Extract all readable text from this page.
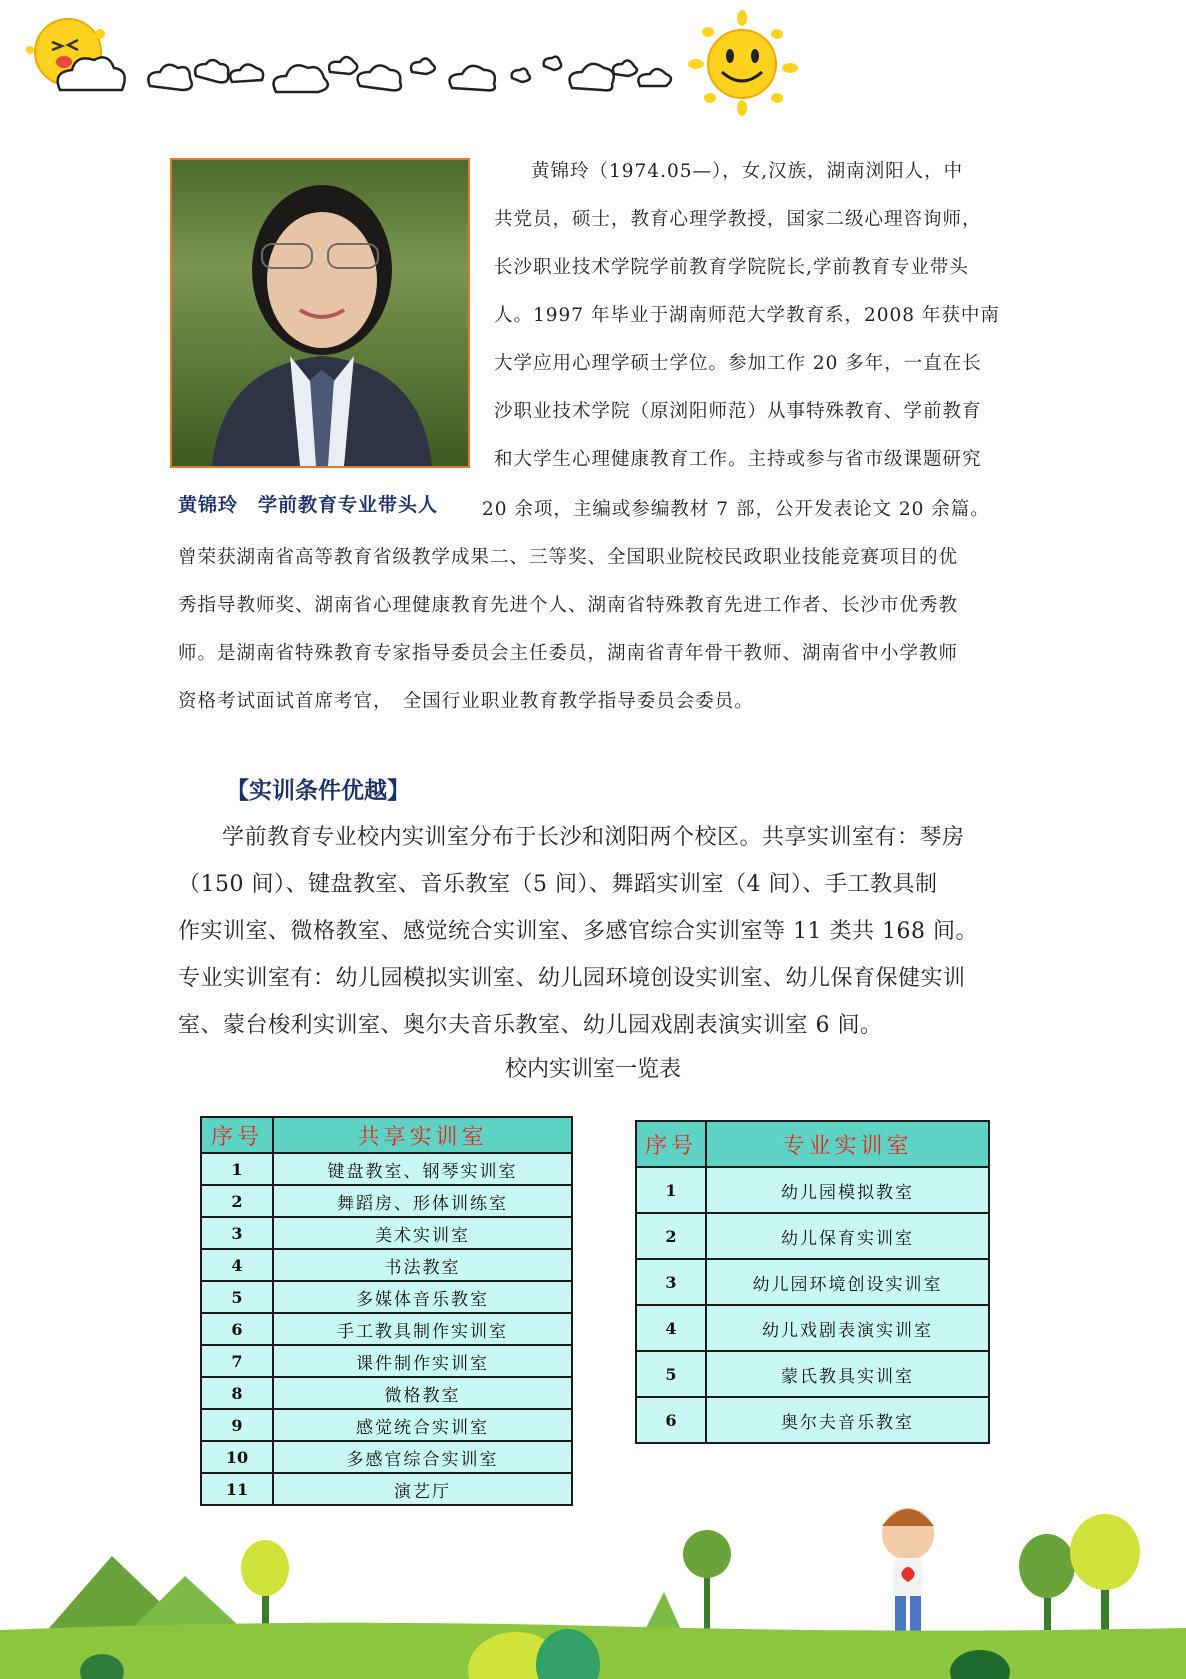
黄锦玲（1974.05—），女,汉族，湖南浏阳人，中
共党员，硕士，教育心理学教授，国家二级心理咨询师，
长沙职业技术学院学前教育学院院长,学前教育专业带头
人。1997 年毕业于湖南师范大学教育系，2008 年获中南
大学应用心理学硕士学位。参加工作 20 多年，一直在长
沙职业技术学院（原浏阳师范）从事特殊教育、学前教育
和大学生心理健康教育工作。主持或参与省市级课题研究
黄锦玲　学前教育专业带头人	20 余项，主编或参编教材 7 部，公开发表论文 20 余篇。
曾荣获湖南省高等教育省级教学成果二、三等奖、全国职业院校民政职业技能竞赛项目的优
秀指导教师奖、湖南省心理健康教育先进个人、湖南省特殊教育先进工作者、长沙市优秀教
师。是湖南省特殊教育专家指导委员会主任委员，湖南省青年骨干教师、湖南省中小学教师
资格考试面试首席考官，　全国行业职业教育教学指导委员会委员。
【实训条件优越】
学前教育专业校内实训室分布于长沙和浏阳两个校区。共享实训室有：琴房
（150 间）、键盘教室、音乐教室（5 间）、舞蹈实训室（4 间）、手工教具制
作实训室、微格教室、感觉统合实训室、多感官综合实训室等 11 类共 168 间。
专业实训室有：幼儿园模拟实训室、幼儿园环境创设实训室、幼儿保育保健实训
室、蒙台梭利实训室、奥尔夫音乐教室、幼儿园戏剧表演实训室 6 间。
校内实训室一览表
序号	共享实训室
1	键盘教室、钢琴实训室
2	舞蹈房、形体训练室
3	美术实训室
4	书法教室
5	多媒体音乐教室
6	手工教具制作实训室
7	课件制作实训室
8	微格教室
9	感觉统合实训室
10	多感官综合实训室
11	演艺厅
序号	专业实训室
1	幼儿园模拟教室
2	幼儿保育实训室
3	幼儿园环境创设实训室
4	幼儿戏剧表演实训室
5	蒙氏教具实训室
6	奥尔夫音乐教室
